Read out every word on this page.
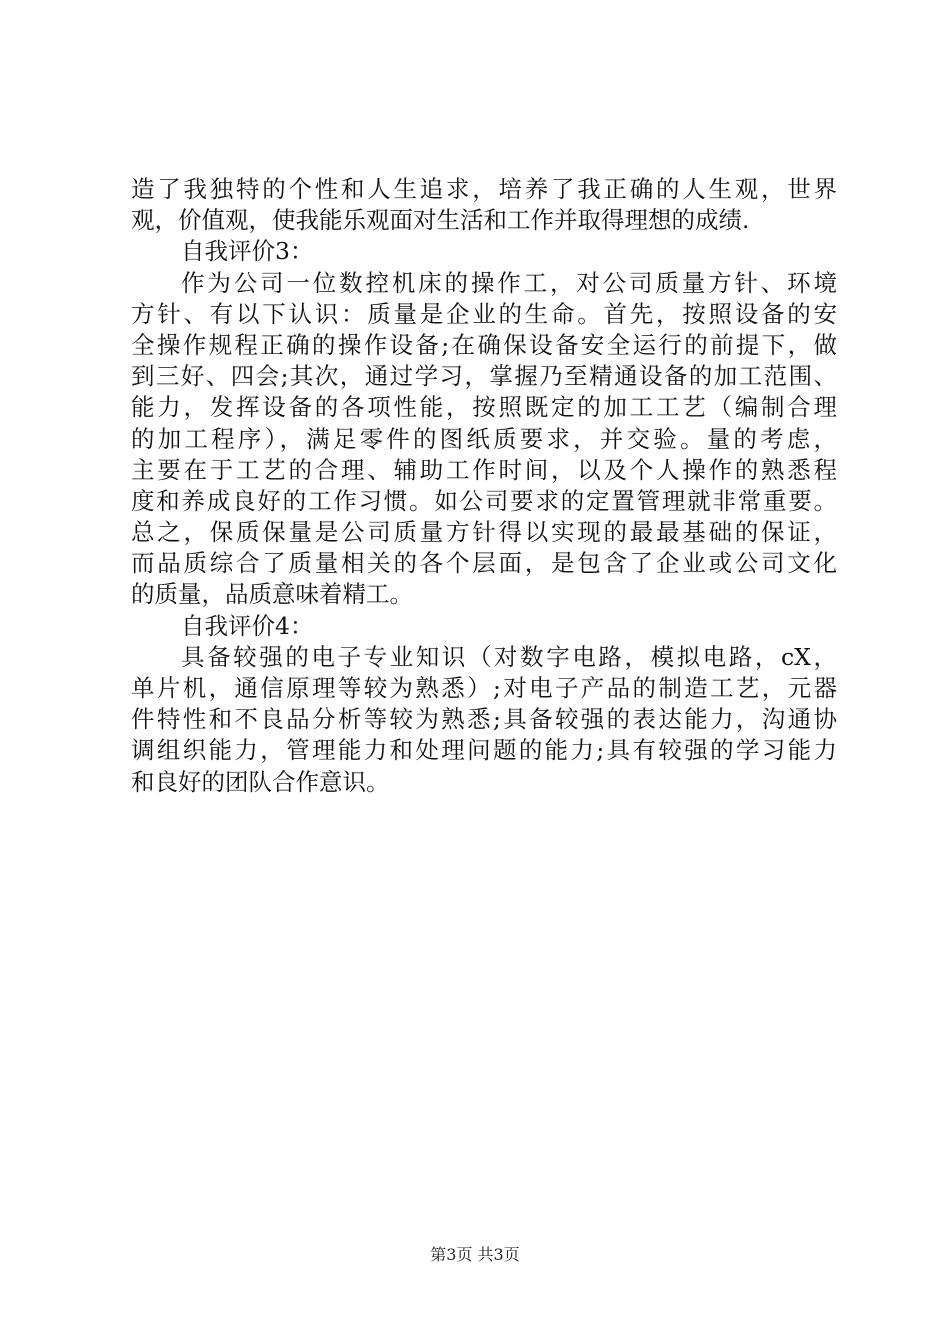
造了我独特的个性和人生追求，培养了我正确的人生观，世界
观，价值观，使我能乐观面对生活和工作并取得理想的成绩.
自我评价3：
作为公司一位数控机床的操作工，对公司质量方针、环境
方针、有以下认识：质量是企业的生命。首先，按照设备的安
全操作规程正确的操作设备;在确保设备安全运行的前提下，做
到三好、四会;其次，通过学习，掌握乃至精通设备的加工范围、
能力，发挥设备的各项性能，按照既定的加工工艺（编制合理
的加工程序），满足零件的图纸质要求，并交验。量的考虑，
主要在于工艺的合理、辅助工作时间，以及个人操作的熟悉程
度和养成良好的工作习惯。如公司要求的定置管理就非常重要。
总之，保质保量是公司质量方针得以实现的最最基础的保证，
而品质综合了质量相关的各个层面，是包含了企业或公司文化
的质量，品质意味着精工。
自我评价4：
具备较强的电子专业知识（对数字电路，模拟电路，cX，
单片机，通信原理等较为熟悉）;对电子产品的制造工艺，元器
件特性和不良品分析等较为熟悉;具备较强的表达能力，沟通协
调组织能力，管理能力和处理问题的能力;具有较强的学习能力
和良好的团队合作意识。
第3页 共3页
